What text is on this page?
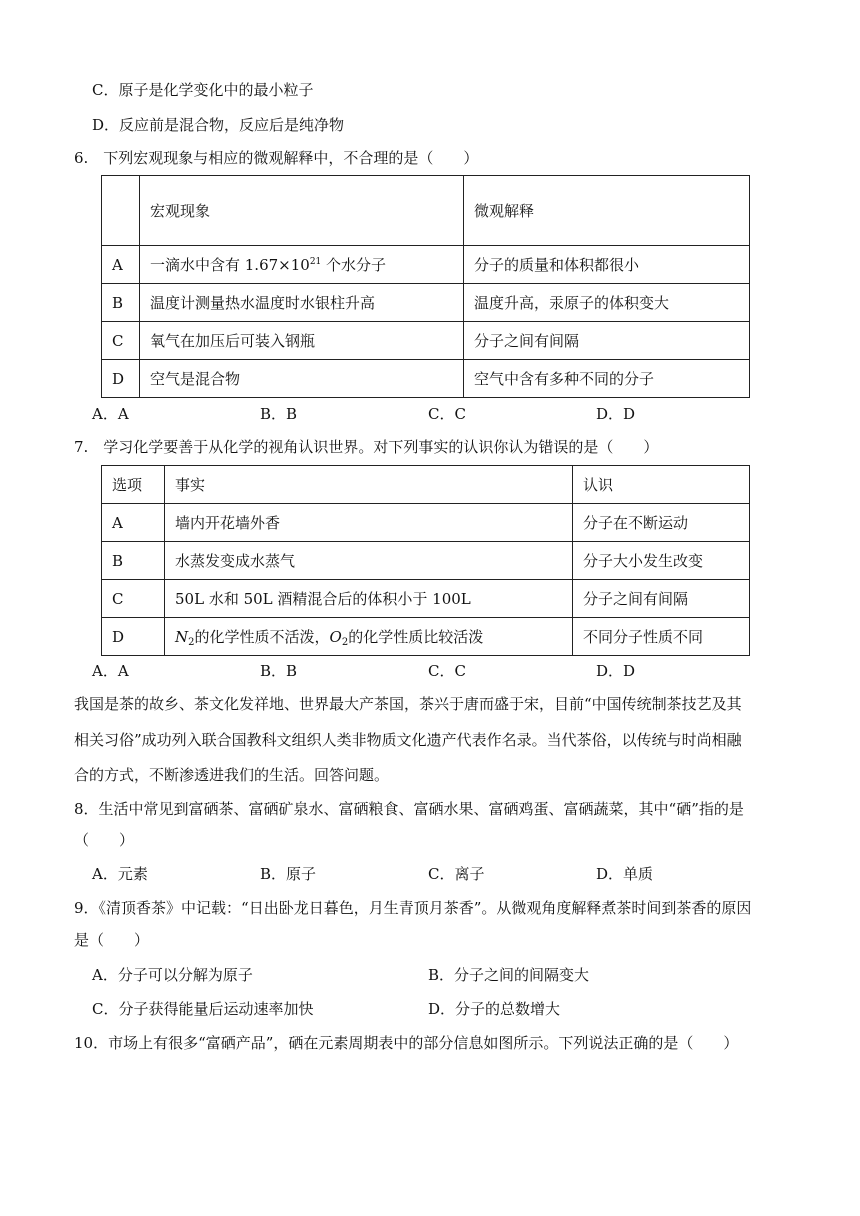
C．原子是化学变化中的最小粒子
D．反应前是混合物，反应后是纯净物
6.　下列宏观现象与相应的微观解释中，不合理的是（　　）
	宏观现象	微观解释
A	一滴水中含有 $1.67\times 10^{21}$ 个水分子	分子的质量和体积都很小
B	温度计测量热水温度时水银柱升高	温度升高，汞原子的体积变大
C	氧气在加压后可装入钢瓶	分子之间有间隔
D	空气是混合物	空气中含有多种不同的分子
A．A	B．B	C．C	D．D
7.　学习化学要善于从化学的视角认识世界。对下列事实的认识你认为错误的是（　　）
选项	事实	认识
A	墙内开花墙外香	分子在不断运动
B	水蒸发变成水蒸气	分子大小发生改变
C	50L 水和 50L 酒精混合后的体积小于 100L	分子之间有间隔
D	$N_2$的化学性质不活泼，$O_2$的化学性质比较活泼	不同分子性质不同
A．A	B．B	C．C	D．D
我国是茶的故乡、茶文化发祥地、世界最大产茶国，茶兴于唐而盛于宋，目前“中国传统制茶技艺及其
相关习俗”成功列入联合国教科文组织人类非物质文化遗产代表作名录。当代茶俗，以传统与时尚相融
合的方式，不断渗透进我们的生活。回答问题。
8．生活中常见到富硒茶、富硒矿泉水、富硒粮食、富硒水果、富硒鸡蛋、富硒蔬菜，其中“硒”指的是
（　　）
A．元素	B．原子	C．离子	D．单质
9．《清顶香茶》中记载：“日出卧龙日暮色，月生青顶月茶香”。从微观角度解释煮茶时间到茶香的原因
是（　　）
A．分子可以分解为原子	B．分子之间的间隔变大
C．分子获得能量后运动速率加快	D．分子的总数增大
10．市场上有很多“富硒产品”，硒在元素周期表中的部分信息如图所示。下列说法正确的是（　　）
